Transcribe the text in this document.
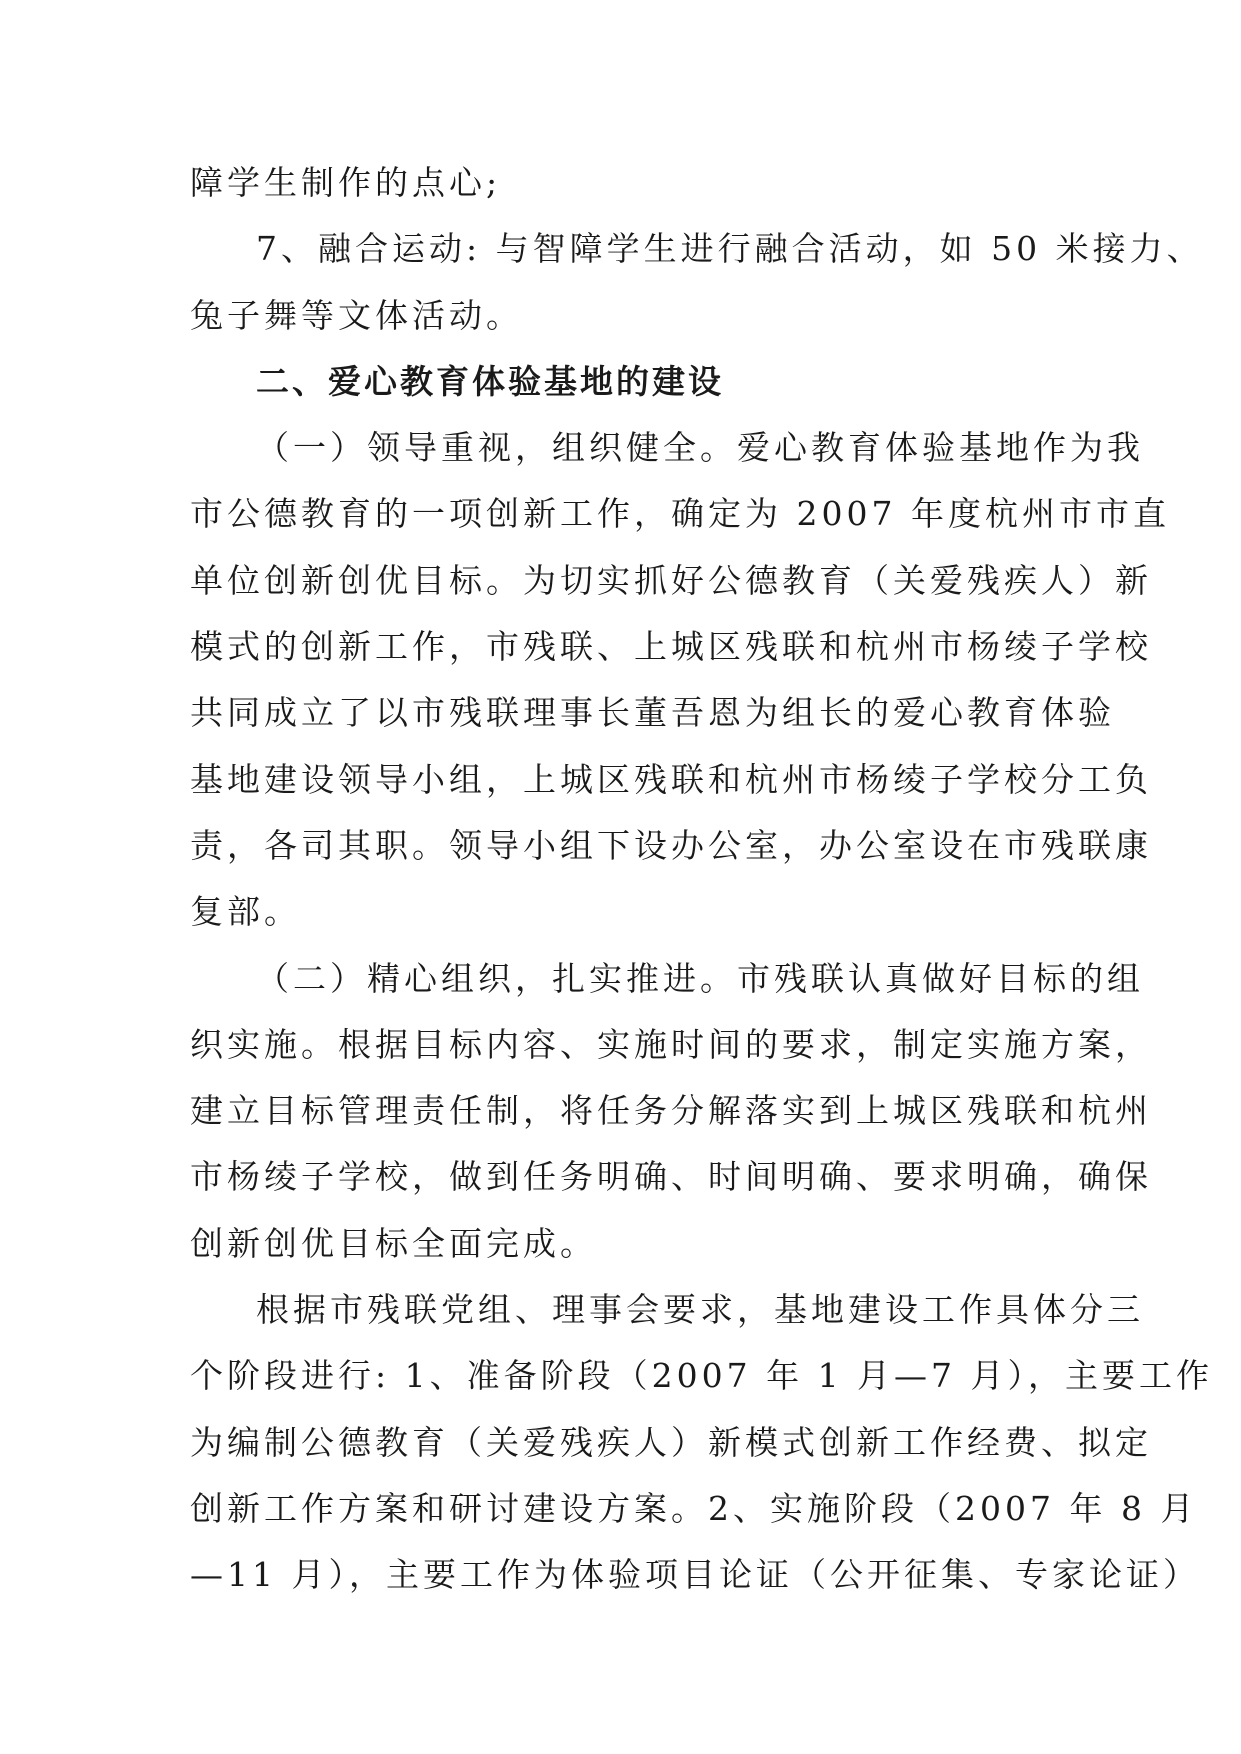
障学生制作的点心;
7、融合运动: 与智障学生进行融合活动，如 50 米接力、
兔子舞等文体活动。
二、爱心教育体验基地的建设
（一）领导重视，组织健全。爱心教育体验基地作为我
市公德教育的一项创新工作，确定为 2007 年度杭州市市直
单位创新创优目标。为切实抓好公德教育（关爱残疾人）新
模式的创新工作，市残联、上城区残联和杭州市杨绫子学校
共同成立了以市残联理事长董吾恩为组长的爱心教育体验
基地建设领导小组，上城区残联和杭州市杨绫子学校分工负
责，各司其职。领导小组下设办公室，办公室设在市残联康
复部。
（二）精心组织，扎实推进。市残联认真做好目标的组
织实施。根据目标内容、实施时间的要求，制定实施方案，
建立目标管理责任制，将任务分解落实到上城区残联和杭州
市杨绫子学校，做到任务明确、时间明确、要求明确，确保
创新创优目标全面完成。
根据市残联党组、理事会要求，基地建设工作具体分三
个阶段进行: 1、准备阶段（2007 年 1 月—7 月），主要工作
为编制公德教育（关爱残疾人）新模式创新工作经费、拟定
创新工作方案和研讨建设方案。2、实施阶段（2007 年 8 月
—11 月），主要工作为体验项目论证（公开征集、专家论证）
